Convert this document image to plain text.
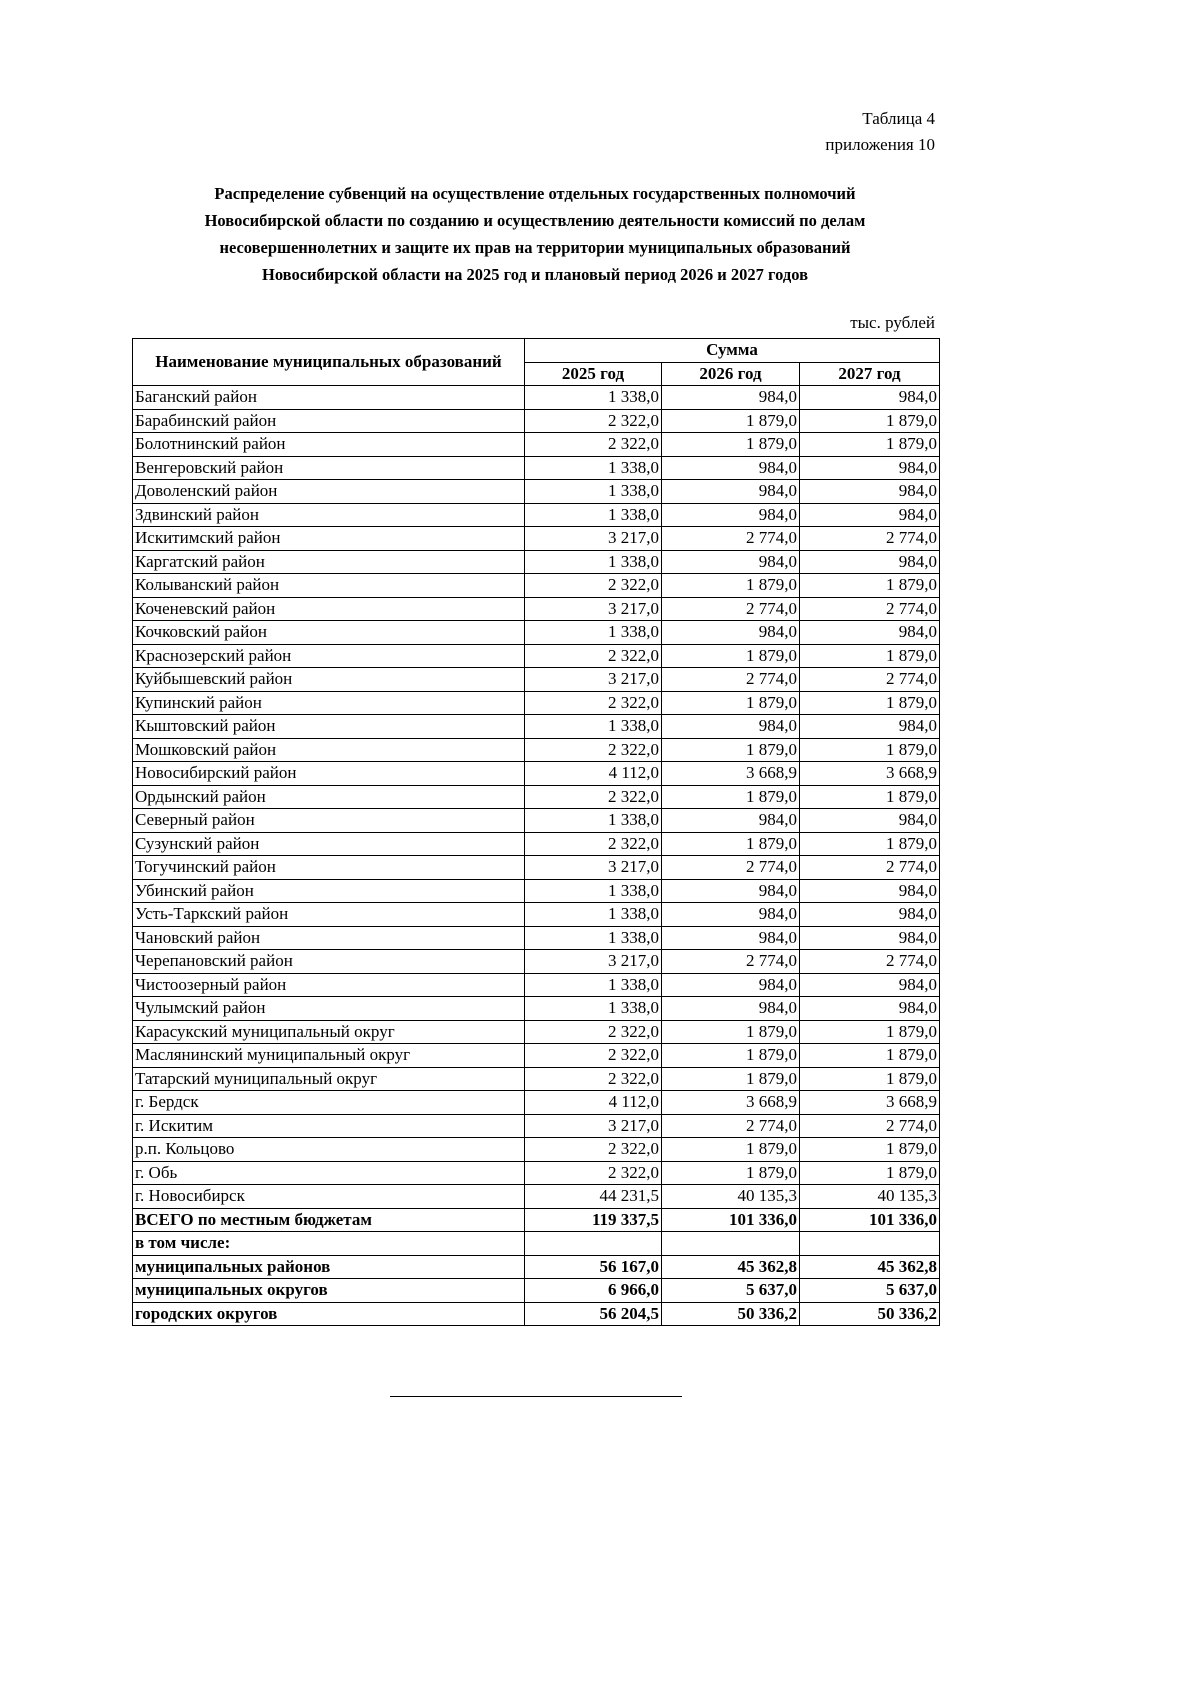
Таблица 4
приложения 10
Распределение субвенций на осуществление отдельных государственных полномочий
Новосибирской области по созданию и осуществлению деятельности комиссий по делам
несовершеннолетних и защите их прав на территории муниципальных образований
Новосибирской области на 2025 год и плановый период 2026 и 2027 годов
тыс. рублей
Наименование муниципальных образований	Сумма		
	2025 год	2026 год	2027 год
Баганский район	1 338,0	984,0	984,0
Барабинский район	2 322,0	1 879,0	1 879,0
Болотнинский район	2 322,0	1 879,0	1 879,0
Венгеровский район	1 338,0	984,0	984,0
Доволенский район	1 338,0	984,0	984,0
Здвинский район	1 338,0	984,0	984,0
Искитимский район	3 217,0	2 774,0	2 774,0
Каргатский район	1 338,0	984,0	984,0
Колыванский район	2 322,0	1 879,0	1 879,0
Коченевский район	3 217,0	2 774,0	2 774,0
Кочковский район	1 338,0	984,0	984,0
Краснозерский район	2 322,0	1 879,0	1 879,0
Куйбышевский район	3 217,0	2 774,0	2 774,0
Купинский район	2 322,0	1 879,0	1 879,0
Кыштовский район	1 338,0	984,0	984,0
Мошковский район	2 322,0	1 879,0	1 879,0
Новосибирский район	4 112,0	3 668,9	3 668,9
Ордынский район	2 322,0	1 879,0	1 879,0
Северный район	1 338,0	984,0	984,0
Сузунский район	2 322,0	1 879,0	1 879,0
Тогучинский район	3 217,0	2 774,0	2 774,0
Убинский район	1 338,0	984,0	984,0
Усть-Таркский район	1 338,0	984,0	984,0
Чановский район	1 338,0	984,0	984,0
Черепановский район	3 217,0	2 774,0	2 774,0
Чистоозерный район	1 338,0	984,0	984,0
Чулымский район	1 338,0	984,0	984,0
Карасукский муниципальный округ	2 322,0	1 879,0	1 879,0
Маслянинский муниципальный округ	2 322,0	1 879,0	1 879,0
Татарский муниципальный округ	2 322,0	1 879,0	1 879,0
г. Бердск	4 112,0	3 668,9	3 668,9
г. Искитим	3 217,0	2 774,0	2 774,0
р.п. Кольцово	2 322,0	1 879,0	1 879,0
г. Обь	2 322,0	1 879,0	1 879,0
г. Новосибирск	44 231,5	40 135,3	40 135,3
ВСЕГО по местным бюджетам	119 337,5	101 336,0	101 336,0
в том числе:			
муниципальных районов	56 167,0	45 362,8	45 362,8
муниципальных округов	6 966,0	5 637,0	5 637,0
городских округов	56 204,5	50 336,2	50 336,2
